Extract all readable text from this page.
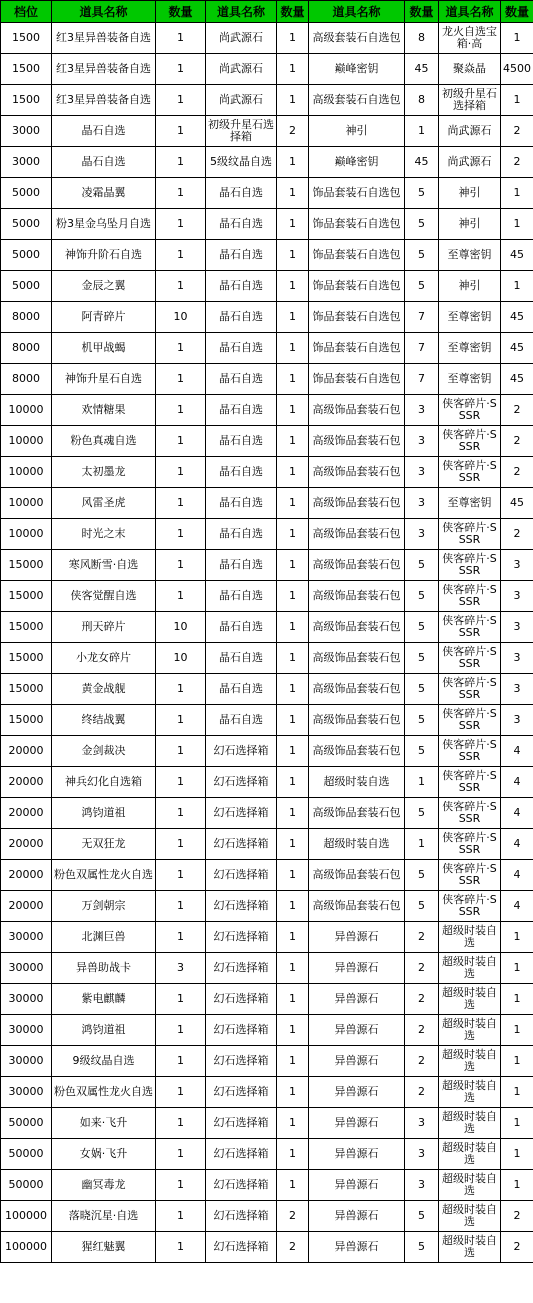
档位	道具名称	数量	道具名称	数量	道具名称	数量	道具名称	数量
1500	红3星异兽装备自选	1	尚武源石	1	高级套装石自选包	8	龙火自选宝箱·高	1
1500	红3星异兽装备自选	1	尚武源石	1	巅峰密钥	45	聚焱晶	4500
1500	红3星异兽装备自选	1	尚武源石	1	高级套装石自选包	8	初级升星石选择箱	1
3000	晶石自选	1	初级升星石选择箱	2	神引	1	尚武源石	2
3000	晶石自选	1	5级纹晶自选	1	巅峰密钥	45	尚武源石	2
5000	凌霜晶翼	1	晶石自选	1	饰品套装石自选包	5	神引	1
5000	粉3星金乌坠月自选	1	晶石自选	1	饰品套装石自选包	5	神引	1
5000	神饰升阶石自选	1	晶石自选	1	饰品套装石自选包	5	至尊密钥	45
5000	金辰之翼	1	晶石自选	1	饰品套装石自选包	5	神引	1
8000	阿青碎片	10	晶石自选	1	饰品套装石自选包	7	至尊密钥	45
8000	机甲战蝎	1	晶石自选	1	饰品套装石自选包	7	至尊密钥	45
8000	神饰升星石自选	1	晶石自选	1	饰品套装石自选包	7	至尊密钥	45
10000	欢情糖果	1	晶石自选	1	高级饰品套装石包	3	侠客碎片·SSSR	2
10000	粉色真魂自选	1	晶石自选	1	高级饰品套装石包	3	侠客碎片·SSSR	2
10000	太初墨龙	1	晶石自选	1	高级饰品套装石包	3	侠客碎片·SSSR	2
10000	风雷圣虎	1	晶石自选	1	高级饰品套装石包	3	至尊密钥	45
10000	时光之末	1	晶石自选	1	高级饰品套装石包	3	侠客碎片·SSSR	2
15000	寒风断雪·自选	1	晶石自选	1	高级饰品套装石包	5	侠客碎片·SSSR	3
15000	侠客觉醒自选	1	晶石自选	1	高级饰品套装石包	5	侠客碎片·SSSR	3
15000	刑天碎片	10	晶石自选	1	高级饰品套装石包	5	侠客碎片·SSSR	3
15000	小龙女碎片	10	晶石自选	1	高级饰品套装石包	5	侠客碎片·SSSR	3
15000	黄金战舰	1	晶石自选	1	高级饰品套装石包	5	侠客碎片·SSSR	3
15000	终结战翼	1	晶石自选	1	高级饰品套装石包	5	侠客碎片·SSSR	3
20000	金剑裁决	1	幻石选择箱	1	高级饰品套装石包	5	侠客碎片·SSSR	4
20000	神兵幻化自选箱	1	幻石选择箱	1	超级时装自选	1	侠客碎片·SSSR	4
20000	鸿钧道祖	1	幻石选择箱	1	高级饰品套装石包	5	侠客碎片·SSSR	4
20000	无双狂龙	1	幻石选择箱	1	超级时装自选	1	侠客碎片·SSSR	4
20000	粉色双属性龙火自选	1	幻石选择箱	1	高级饰品套装石包	5	侠客碎片·SSSR	4
20000	万剑朝宗	1	幻石选择箱	1	高级饰品套装石包	5	侠客碎片·SSSR	4
30000	北渊巨兽	1	幻石选择箱	1	异兽源石	2	超级时装自选	1
30000	异兽助战卡	3	幻石选择箱	1	异兽源石	2	超级时装自选	1
30000	紫电麒麟	1	幻石选择箱	1	异兽源石	2	超级时装自选	1
30000	鸿钧道祖	1	幻石选择箱	1	异兽源石	2	超级时装自选	1
30000	9级纹晶自选	1	幻石选择箱	1	异兽源石	2	超级时装自选	1
30000	粉色双属性龙火自选	1	幻石选择箱	1	异兽源石	2	超级时装自选	1
50000	如来·飞升	1	幻石选择箱	1	异兽源石	3	超级时装自选	1
50000	女娲·飞升	1	幻石选择箱	1	异兽源石	3	超级时装自选	1
50000	幽冥毒龙	1	幻石选择箱	1	异兽源石	3	超级时装自选	1
100000	落晓沉星·自选	1	幻石选择箱	2	异兽源石	5	超级时装自选	2
100000	猩红魅翼	1	幻石选择箱	2	异兽源石	5	超级时装自选	2
